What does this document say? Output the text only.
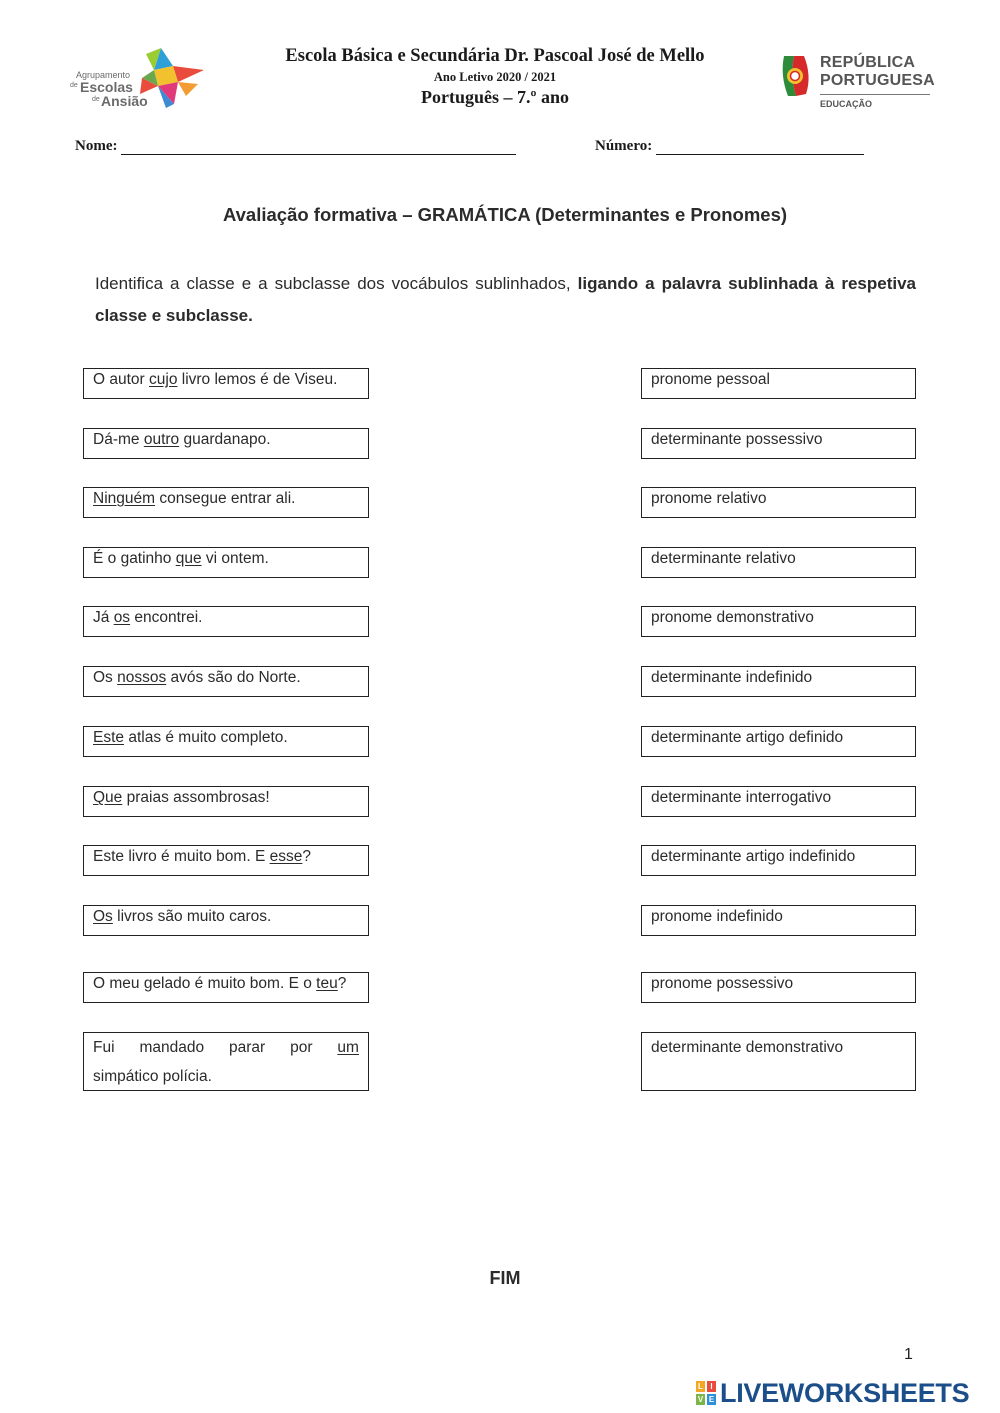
Agrupamento
de Escolas
de Ansião
Escola Básica e Secundária Dr. Pascoal José de Mello
Ano Letivo 2020 / 2021
Português – 7.º ano
REPÚBLICA
PORTUGUESA
EDUCAÇÃO
Nome:	Número:
Avaliação formativa – GRAMÁTICA (Determinantes e Pronomes)
Identifica a classe e a subclasse dos vocábulos sublinhados, ligando a palavra sublinhada à respetiva classe e subclasse.
O autor cujo livro lemos é de Viseu.
Dá-me outro guardanapo.
Ninguém consegue entrar ali.
É o gatinho que vi ontem.
Já os encontrei.
Os nossos avós são do Norte.
Este atlas é muito completo.
Que praias assombrosas!
Este livro é muito bom. E esse?
Os livros são muito caros.
O meu gelado é muito bom. E o teu?
Fui mandado parar por um
simpático polícia.
pronome pessoal
determinante possessivo
pronome relativo
determinante relativo
pronome demonstrativo
determinante indefinido
determinante artigo definido
determinante interrogativo
determinante artigo indefinido
pronome indefinido
pronome possessivo
determinante demonstrativo
FIM
1
L I
V E LIVEWORKSHEETS
